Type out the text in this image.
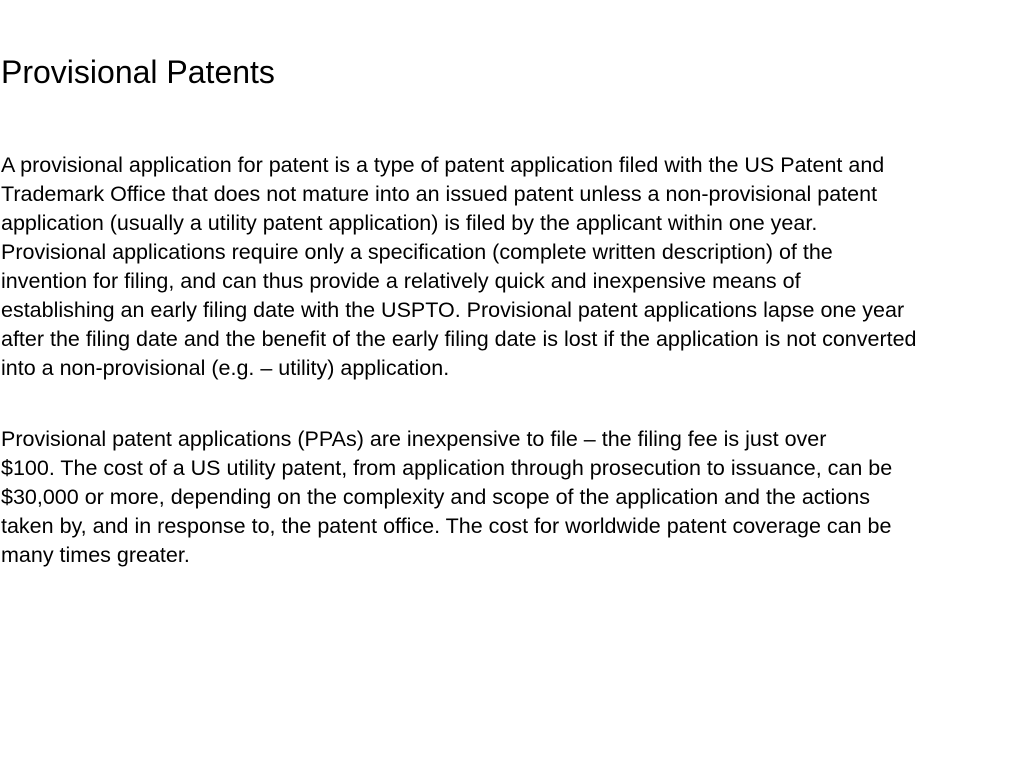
Provisional Patents

A provisional application for patent is a type of patent application filed with the US Patent and
Trademark Office that does not mature into an issued patent unless a non-provisional patent
application (usually a utility patent application) is filed by the applicant within one year.
Provisional applications require only a specification (complete written description) of the
invention for filing, and can thus provide a relatively quick and inexpensive means of
establishing an early filing date with the USPTO. Provisional patent applications lapse one year
after the filing date and the benefit of the early filing date is lost if the application is not converted
into a non-provisional (e.g. – utility) application.

Provisional patent applications (PPAs) are inexpensive to file – the filing fee is just over
$100. The cost of a US utility patent, from application through prosecution to issuance, can be
$30,000 or more, depending on the complexity and scope of the application and the actions
taken by, and in response to, the patent office. The cost for worldwide patent coverage can be
many times greater.
